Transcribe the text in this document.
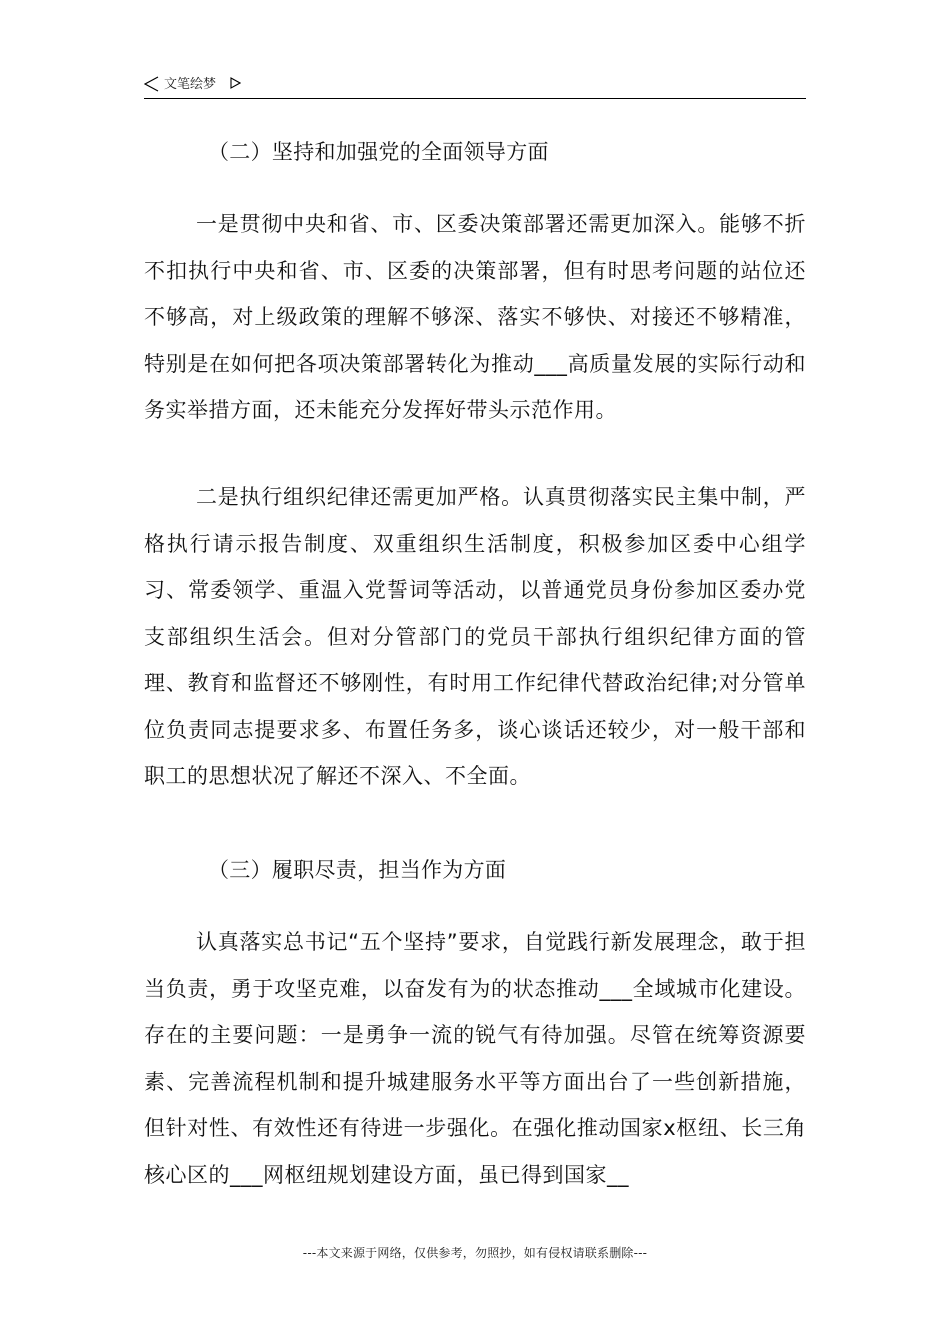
文笔绘梦
（二）坚持和加强党的全面领导方面

一是贯彻中央和省、市、区委决策部署还需更加深入。能够不折不扣执行中央和省、市、区委的决策部署，但有时思考问题的站位还不够高，对上级政策的理解不够深、落实不够快、对接还不够精准，特别是在如何把各项决策部署转化为推动___高质量发展的实际行动和务实举措方面，还未能充分发挥好带头示范作用。

二是执行组织纪律还需更加严格。认真贯彻落实民主集中制，严格执行请示报告制度、双重组织生活制度，积极参加区委中心组学习、常委领学、重温入党誓词等活动，以普通党员身份参加区委办党支部组织生活会。但对分管部门的党员干部执行组织纪律方面的管理、教育和监督还不够刚性，有时用工作纪律代替政治纪律;对分管单位负责同志提要求多、布置任务多，谈心谈话还较少，对一般干部和职工的思想状况了解还不深入、不全面。

（三）履职尽责，担当作为方面

认真落实总书记“五个坚持”要求，自觉践行新发展理念，敢于担当负责，勇于攻坚克难，以奋发有为的状态推动___全域城市化建设。存在的主要问题：一是勇争一流的锐气有待加强。尽管在统筹资源要素、完善流程机制和提升城建服务水平等方面出台了一些创新措施，但针对性、有效性还有待进一步强化。在强化推动国家x枢纽、长三角核心区的___网枢纽规划建设方面，虽已得到国家__

---本文来源于网络，仅供参考，勿照抄，如有侵权请联系删除---
